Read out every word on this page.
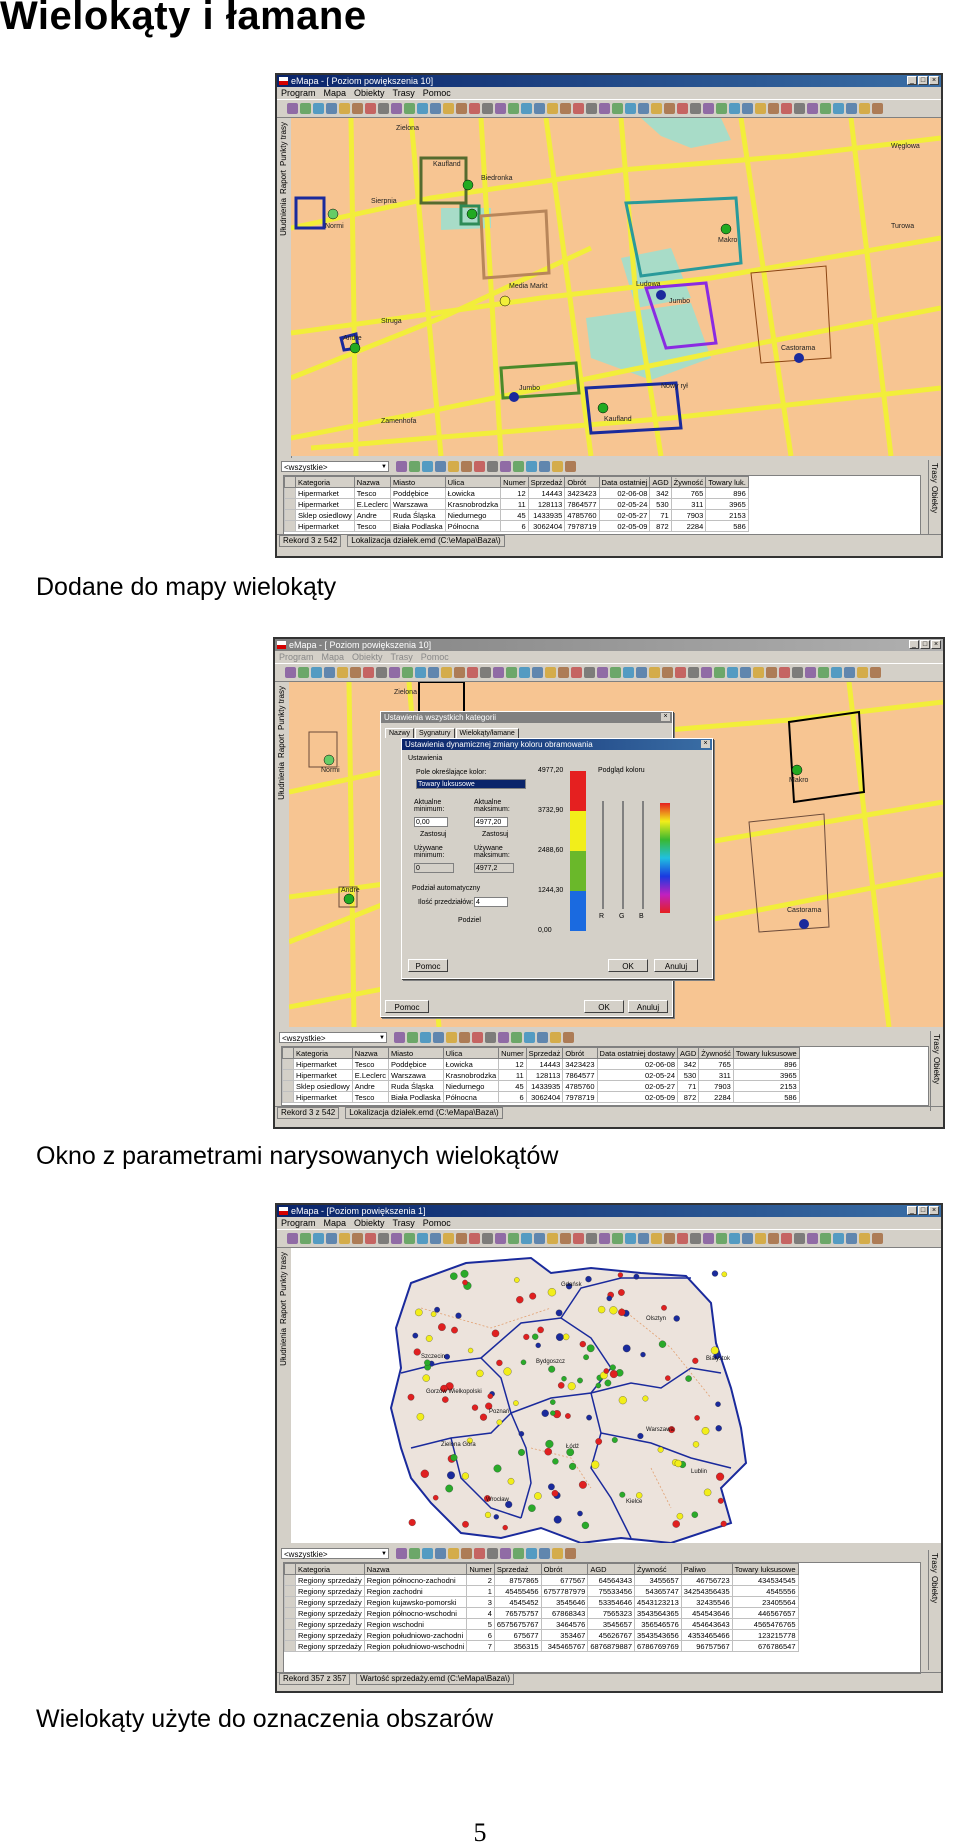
Wielokąty i łamane
eMapa - [ Poziom powiększenia 10]	_ □ ×
Program Mapa Obiekty Trasy Pomoc
Punkty trasy
Raport
Ułudnienia
Zielona
Kaufland
Biedronka
Normi
Makro
Jumbo
Castorama
Media Markt
Andre
Kaufland
Jumbo
Węglowa
Zamenhofa
Turowa
Struga
Nowy rył
Sierpnia
Ludowa
Trasy
Obiekty
<wszystkie> ▼
	Kategoria	Nazwa	Miasto	Ulica	Numer	Sprzedaż	Obrót	Data ostatniej	AGD	Żywność	Towary luk.
	Hipermarket	Tesco	Poddębice	Łowicka	12	14443	3423423	02-06-08	342	765	896
	Hipermarket	E.Leclerc	Warszawa	Krasnobrodzka	11	128113	7864577	02-05-24	530	311	3965
	Sklep osiedlowy	Andre	Ruda Śląska	Niedurnego	45	1433935	4785760	02-05-27	71	7903	2153
	Hipermarket	Tesco	Biała Podlaska	Północna	6	3062404	7978719	02-05-09	872	2284	586
Rekord 3 z 542	Lokalizacja działek.emd (C:\eMapa\Baza\)
Dodane do mapy wielokąty
eMapa - [ Poziom powiększenia 10]	_ □ ×
Program Mapa Obiekty Trasy Pomoc
Punkty trasy
Raport
Ułudnienia
Zielona
Normi
Andre
Castorama
Makro
Ustawienia wszystkich kategorii	×
Nazwy	Sygnatury	Wielokąty/łamane
Pomoc	OK	Anuluj
Ustawienia dynamicznej zmiany koloru obramowania	×
Ustawienia
Pole określające kolor:
Towary luksusowe
Aktualne minimum:
0,00
Aktualne maksimum:
4977,20
Zastosuj	Zastosuj
Używane minimum:
0
Używane maksimum:
4977,2
Podział automatyczny
Ilość przedziałów: 4
Podziel
Podgląd koloru
4977,20
3732,90
2488,60
1244,30
0,00
R G B
Pomoc	OK	Anuluj
Trasy
Obiekty
<wszystkie> ▼
	Kategoria	Nazwa	Miasto	Ulica	Numer	Sprzedaż	Obrót	Data ostatniej dostawy	AGD	Żywność	Towary luksusowe
	Hipermarket	Tesco	Poddębice	Łowicka	12	14443	3423423	02-06-08	342	765	896
	Hipermarket	E.Leclerc	Warszawa	Krasnobrodzka	11	128113	7864577	02-05-24	530	311	3965
	Sklep osiedlowy	Andre	Ruda Śląska	Niedurnego	45	1433935	4785760	02-05-27	71	7903	2153
	Hipermarket	Tesco	Biała Podlaska	Północna	6	3062404	7978719	02-05-09	872	2284	586
Rekord 3 z 542	Lokalizacja działek.emd (C:\eMapa\Baza\)
Okno z parametrami narysowanych wielokątów
eMapa - [Poziom powiększenia 1]	_ □ ×
Program Mapa Obiekty Trasy Pomoc
Punkty trasy
Raport
Ułudnienia
Gdańsk
Olsztyn
Szczecin
Bydgoszcz	Białystok
Gorzów Wielkopolski
Poznań
Warszawa
Zielona Góra	Łódź
Wrocław	Kielce
Lublin
Trasy
Obiekty
<wszystkie> ▼
	Kategoria	Nazwa	Numer	Sprzedaż	Obrót	AGD	Żywność	Paliwo	Towary luksusowe
	Regiony sprzedaży	Region północno-zachodni	2	8757865	677567	64564343	3455657	46756723	434534545
	Regiony sprzedaży	Region zachodni	1	45455456	6757787979	75533456	54365747	34254356435	4545556
	Regiony sprzedaży	Region kujawsko-pomorski	3	4545452	3545646	53354646	4543123213	32435546	23405564
	Regiony sprzedaży	Region północno-wschodni	4	76575757	67868343	7565323	3543564365	454543646	446567657
	Regiony sprzedaży	Region wschodni	5	6575675767	3464576	3545657	356546576	454643643	4565476765
	Regiony sprzedaży	Region południowo-zachodni	6	675677	353467	45626767	3543543656	4353465466	123215778
	Regiony sprzedaży	Region południowo-wschodni	7	356315	345465767	6876879887	6786769769	96757567	676786547
Rekord 357 z 357	Wartość sprzedaży.emd (C:\eMapa\Baza\)
Wielokąty użyte do oznaczenia obszarów
5
